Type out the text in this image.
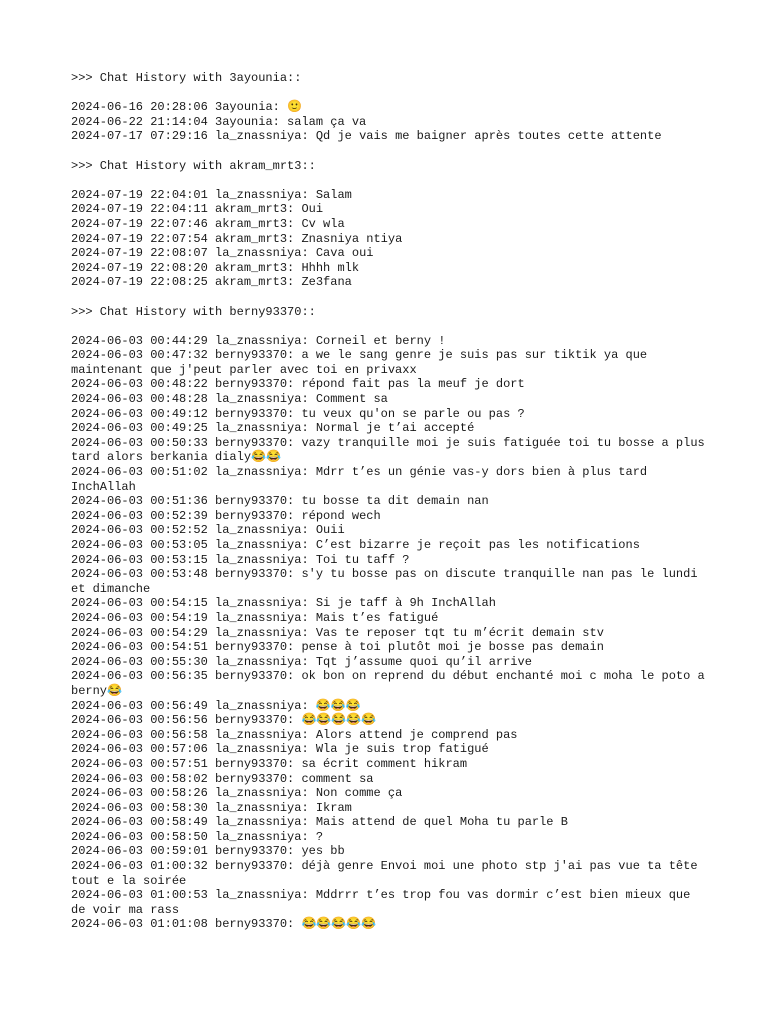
>>> Chat History with 3ayounia::

2024-06-16 20:28:06 3ayounia: 🙂

2024-06-22 21:14:04 3ayounia: salam ça va

2024-07-17 07:29:16 la_znassniya: Qd je vais me baigner après toutes cette attente

>>> Chat History with akram_mrt3::

2024-07-19 22:04:01 la_znassniya: Salam

2024-07-19 22:04:11 akram_mrt3: Oui

2024-07-19 22:07:46 akram_mrt3: Cv wla

2024-07-19 22:07:54 akram_mrt3: Znasniya ntiya

2024-07-19 22:08:07 la_znassniya: Cava oui

2024-07-19 22:08:20 akram_mrt3: Hhhh mlk

2024-07-19 22:08:25 akram_mrt3: Ze3fana

>>> Chat History with berny93370::

2024-06-03 00:44:29 la_znassniya: Corneil et berny !

2024-06-03 00:47:32 berny93370: a we le sang genre je suis pas sur tiktik ya que maintenant que j'peut parler avec toi en privaxx

2024-06-03 00:48:22 berny93370: répond fait pas la meuf je dort

2024-06-03 00:48:28 la_znassniya: Comment sa

2024-06-03 00:49:12 berny93370: tu veux qu'on se parle ou pas ?

2024-06-03 00:49:25 la_znassniya: Normal je t’ai accepté

2024-06-03 00:50:33 berny93370: vazy tranquille moi je suis fatiguée toi tu bosse a plus tard alors berkania dialy😂😂

2024-06-03 00:51:02 la_znassniya: Mdrr t’es un génie vas-y dors bien à plus tard InchAllah

2024-06-03 00:51:36 berny93370: tu bosse ta dit demain nan

2024-06-03 00:52:39 berny93370: répond wech

2024-06-03 00:52:52 la_znassniya: Ouii

2024-06-03 00:53:05 la_znassniya: C’est bizarre je reçoit pas les notifications

2024-06-03 00:53:15 la_znassniya: Toi tu taff ?

2024-06-03 00:53:48 berny93370: s'y tu bosse pas on discute tranquille nan pas le lundi et dimanche

2024-06-03 00:54:15 la_znassniya: Si je taff à 9h InchAllah

2024-06-03 00:54:19 la_znassniya: Mais t’es fatigué

2024-06-03 00:54:29 la_znassniya: Vas te reposer tqt tu m’écrit demain stv

2024-06-03 00:54:51 berny93370: pense à toi plutôt moi je bosse pas demain

2024-06-03 00:55:30 la_znassniya: Tqt j’assume quoi qu’il arrive

2024-06-03 00:56:35 berny93370: ok bon on reprend du début enchanté moi c moha le poto a berny😂

2024-06-03 00:56:49 la_znassniya: 😂😂😂

2024-06-03 00:56:56 berny93370: 😂😂😂😂😂

2024-06-03 00:56:58 la_znassniya: Alors attend je comprend pas

2024-06-03 00:57:06 la_znassniya: Wla je suis trop fatigué

2024-06-03 00:57:51 berny93370: sa écrit comment hikram

2024-06-03 00:58:02 berny93370: comment sa

2024-06-03 00:58:26 la_znassniya: Non comme ça

2024-06-03 00:58:30 la_znassniya: Ikram

2024-06-03 00:58:49 la_znassniya: Mais attend de quel Moha tu parle B

2024-06-03 00:58:50 la_znassniya: ?

2024-06-03 00:59:01 berny93370: yes bb

2024-06-03 01:00:32 berny93370: déjà genre Envoi moi une photo stp j'ai pas vue ta tête tout e la soirée

2024-06-03 01:00:53 la_znassniya: Mddrrr t’es trop fou vas dormir c’est bien mieux que de voir ma rass

2024-06-03 01:01:08 berny93370: 😂😂😂😂😂
